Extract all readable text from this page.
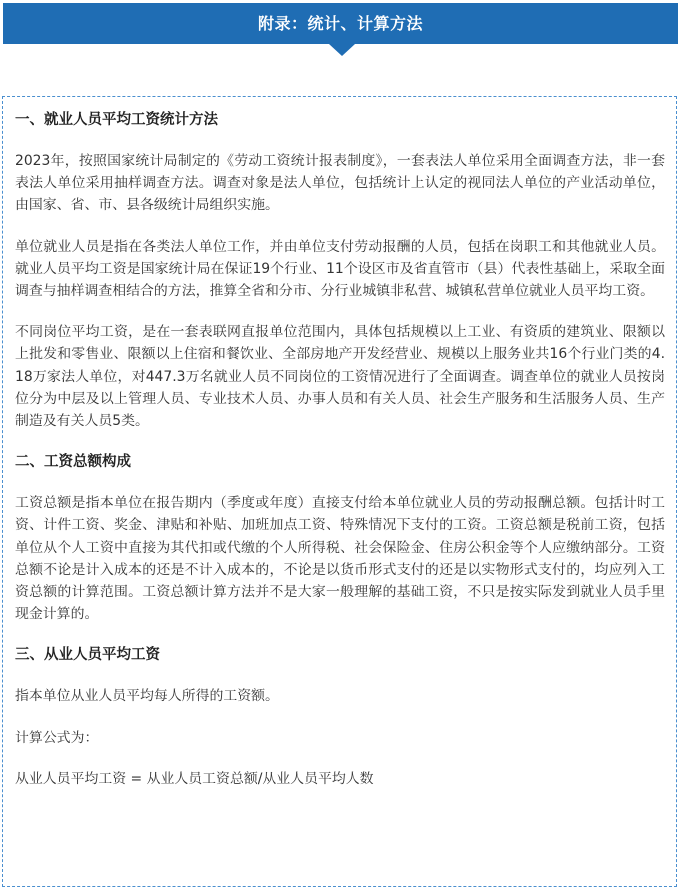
附录：统计、计算方法
一、就业人员平均工资统计方法

2023年，按照国家统计局制定的《劳动工资统计报表制度》，一套表法人单位采用全面调查方法，非一套表法人单位采用抽样调查方法。调查对象是法人单位，包括统计上认定的视同法人单位的产业活动单位，由国家、省、市、县各级统计局组织实施。

单位就业人员是指在各类法人单位工作，并由单位支付劳动报酬的人员，包括在岗职工和其他就业人员。就业人员平均工资是国家统计局在保证19个行业、11个设区市及省直管市（县）代表性基础上，采取全面调查与抽样调查相结合的方法，推算全省和分市、分行业城镇非私营、城镇私营单位就业人员平均工资。

不同岗位平均工资，是在一套表联网直报单位范围内，具体包括规模以上工业、有资质的建筑业、限额以上批发和零售业、限额以上住宿和餐饮业、全部房地产开发经营业、规模以上服务业共16个行业门类的4.18万家法人单位，对447.3万名就业人员不同岗位的工资情况进行了全面调查。调查单位的就业人员按岗位分为中层及以上管理人员、专业技术人员、办事人员和有关人员、社会生产服务和生活服务人员、生产制造及有关人员5类。

二、工资总额构成

工资总额是指本单位在报告期内（季度或年度）直接支付给本单位就业人员的劳动报酬总额。包括计时工资、计件工资、奖金、津贴和补贴、加班加点工资、特殊情况下支付的工资。工资总额是税前工资，包括单位从个人工资中直接为其代扣或代缴的个人所得税、社会保险金、住房公积金等个人应缴纳部分。工资总额不论是计入成本的还是不计入成本的，不论是以货币形式支付的还是以实物形式支付的，均应列入工资总额的计算范围。工资总额计算方法并不是大家一般理解的基础工资，不只是按实际发到就业人员手里现金计算的。

三、从业人员平均工资

指本单位从业人员平均每人所得的工资额。

计算公式为：

从业人员平均工资 = 从业人员工资总额/从业人员平均人数
